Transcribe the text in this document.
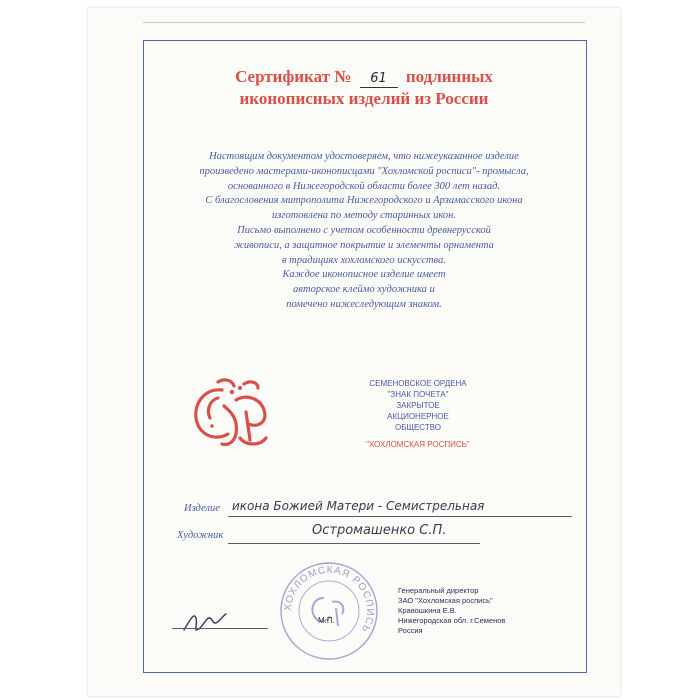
Сертификат № 61 подлинных
иконописных изделий из России
Настоящим документом удостоверяем, что нижеуказанное изделие
произведено мастерами-иконописцами "Хохломской росписи"- промысла,
основанного в Нижегородской области более 300 лет назад.
С благословения митрополита Нижегородского и Арзамасского икона
изготовлена по методу старинных икон.
Письмо выполнено с учетом особенности древнерусской
живописи, а защитное покрытие и элементы орнамента
в традициях хохломского искусства.
Каждое иконописное изделие имеет
авторское клеймо художника и
помечено нижеследующим знаком.
СЕМЕНОВСКОЕ ОРДЕНА
"ЗНАК ПОЧЕТА"
ЗАКРЫТОЕ
АКЦИОНЕРНОЕ
ОБЩЕСТВО
"ХОХЛОМСКАЯ РОСПИСЬ"
Изделие икона Божией Матери - Семистрельная
Художник	Остромашенко С.П.
ХОХЛОМСКАЯ РОСПИСЬ
М.П.
Генеральный директор
ЗАО "Хохломская роспись"
Кравошкина Е.В.
Нижегородская обл. г.Семенов
Россия
